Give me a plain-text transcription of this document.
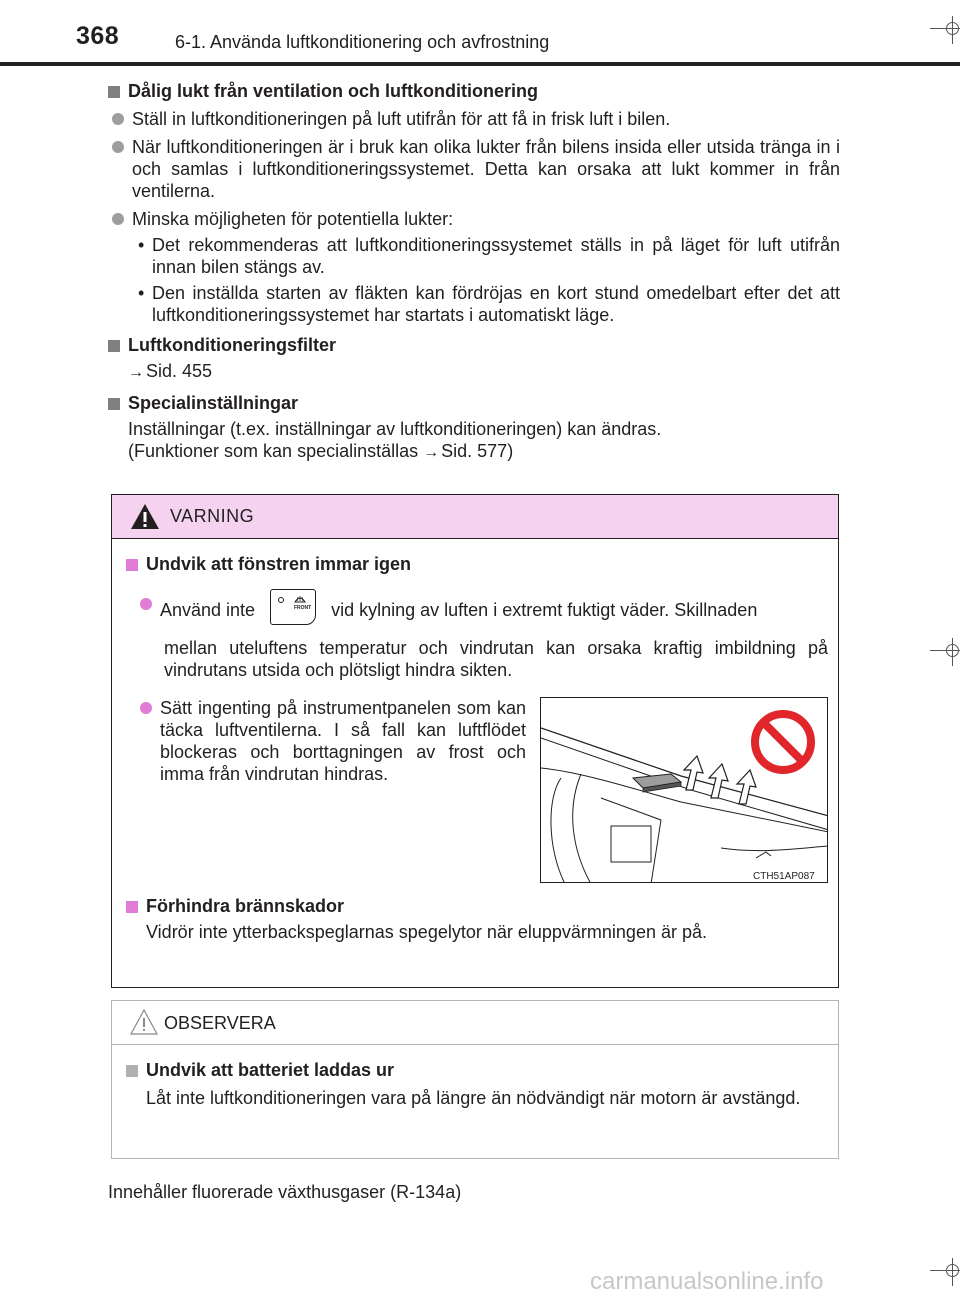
368	6-1. Använda luftkonditionering och avfrostning
Dålig lukt från ventilation och luftkonditionering
Ställ in luftkonditioneringen på luft utifrån för att få in frisk luft i bilen.
När luftkonditioneringen är i bruk kan olika lukter från bilens insida eller utsida tränga in i och samlas i luftkonditioneringssystemet. Detta kan orsaka att lukt kommer in från ventilerna.
Minska möjligheten för potentiella lukter:
• Det rekommenderas att luftkonditioneringssystemet ställs in på läget för luft utifrån innan bilen stängs av.
• Den inställda starten av fläkten kan fördröjas en kort stund omedelbart efter det att luftkonditioneringssystemet har startats i automatiskt läge.
Luftkonditioneringsfilter
→ Sid. 455
Specialinställningar
Inställningar (t.ex. inställningar av luftkonditioneringen) kan ändras.
(Funktioner som kan specialinställas → Sid. 577)
VARNING
Undvik att fönstren immar igen
Använd inte	FRONT vid kylning av luften i extremt fuktigt väder. Skillnaden
mellan uteluftens temperatur och vindrutan kan orsaka kraftig imbildning på vindrutans utsida och plötsligt hindra sikten.
Sätt ingenting på instrumentpanelen som kan täcka luftventilerna. I så fall kan luftflödet blockeras och borttagningen av frost och imma från vindrutan hindras.
CTH51AP087
Förhindra brännskador
Vidrör inte ytterbackspeglarnas spegelytor när eluppvärmningen är på.
OBSERVERA
Undvik att batteriet laddas ur
Låt inte luftkonditioneringen vara på längre än nödvändigt när motorn är avstängd.
Innehåller fluorerade växthusgaser (R-134a)
carmanualsonline.info
